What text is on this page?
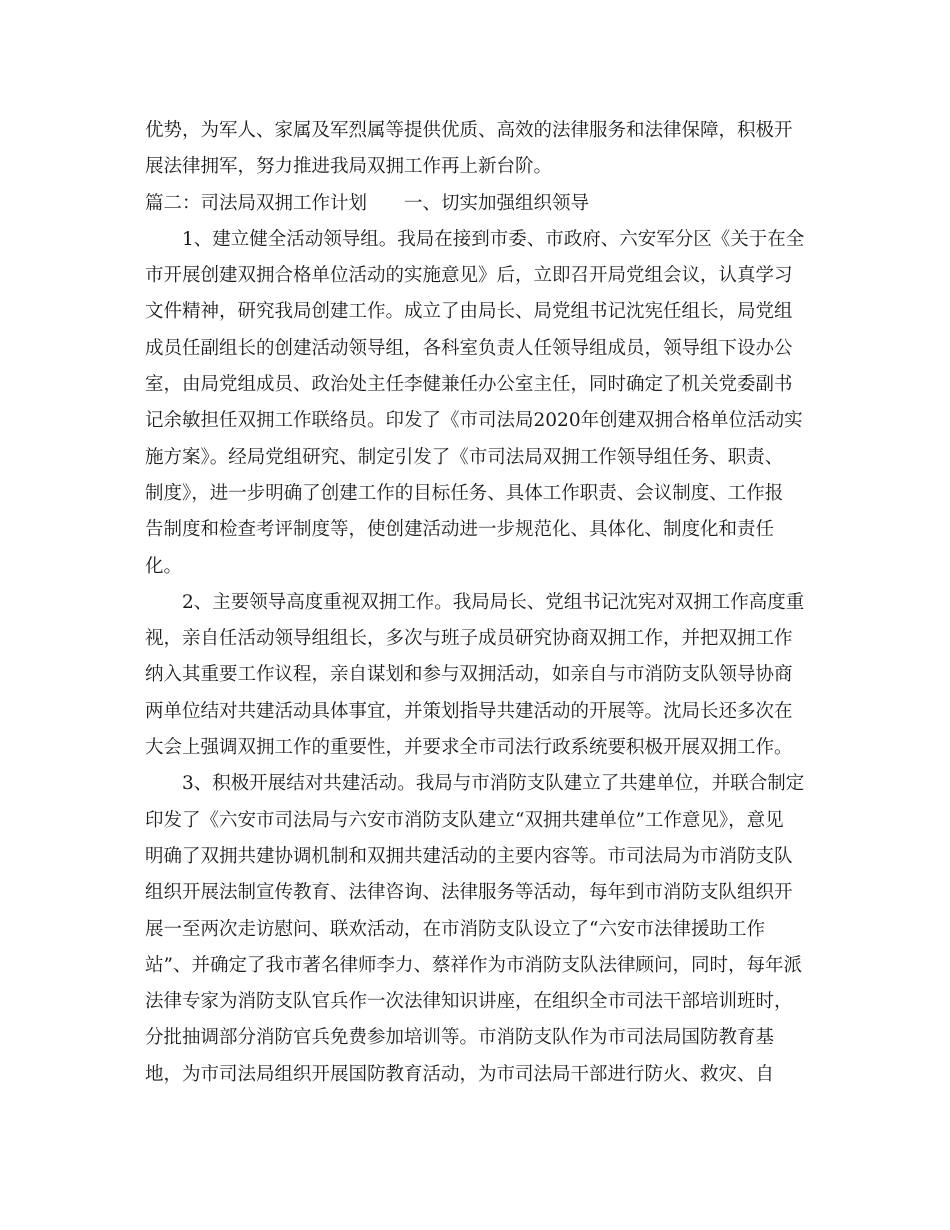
优势，为军人、家属及军烈属等提供优质、高效的法律服务和法律保障，积极开
展法律拥军，努力推进我局双拥工作再上新台阶。
篇二：司法局双拥工作计划　　一、切实加强组织领导
　　1、建立健全活动领导组。我局在接到市委、市政府、六安军分区《关于在全
市开展创建双拥合格单位活动的实施意见》后，立即召开局党组会议，认真学习
文件精神，研究我局创建工作。成立了由局长、局党组书记沈宪任组长，局党组
成员任副组长的创建活动领导组，各科室负责人任领导组成员，领导组下设办公
室，由局党组成员、政治处主任李健兼任办公室主任，同时确定了机关党委副书
记余敏担任双拥工作联络员。印发了《市司法局2020年创建双拥合格单位活动实
施方案》。经局党组研究、制定引发了《市司法局双拥工作领导组任务、职责、
制度》，进一步明确了创建工作的目标任务、具体工作职责、会议制度、工作报
告制度和检查考评制度等，使创建活动进一步规范化、具体化、制度化和责任
化。
　　2、主要领导高度重视双拥工作。我局局长、党组书记沈宪对双拥工作高度重
视，亲自任活动领导组组长，多次与班子成员研究协商双拥工作，并把双拥工作
纳入其重要工作议程，亲自谋划和参与双拥活动，如亲自与市消防支队领导协商
两单位结对共建活动具体事宜，并策划指导共建活动的开展等。沈局长还多次在
大会上强调双拥工作的重要性，并要求全市司法行政系统要积极开展双拥工作。
　　3、积极开展结对共建活动。我局与市消防支队建立了共建单位，并联合制定
印发了《六安市司法局与六安市消防支队建立“双拥共建单位”工作意见》，意见
明确了双拥共建协调机制和双拥共建活动的主要内容等。市司法局为市消防支队
组织开展法制宣传教育、法律咨询、法律服务等活动，每年到市消防支队组织开
展一至两次走访慰问、联欢活动，在市消防支队设立了“六安市法律援助工作
站”、并确定了我市著名律师李力、蔡祥作为市消防支队法律顾问，同时，每年派
法律专家为消防支队官兵作一次法律知识讲座，在组织全市司法干部培训班时，
分批抽调部分消防官兵免费参加培训等。市消防支队作为市司法局国防教育基
地，为市司法局组织开展国防教育活动，为市司法局干部进行防火、救灾、自
